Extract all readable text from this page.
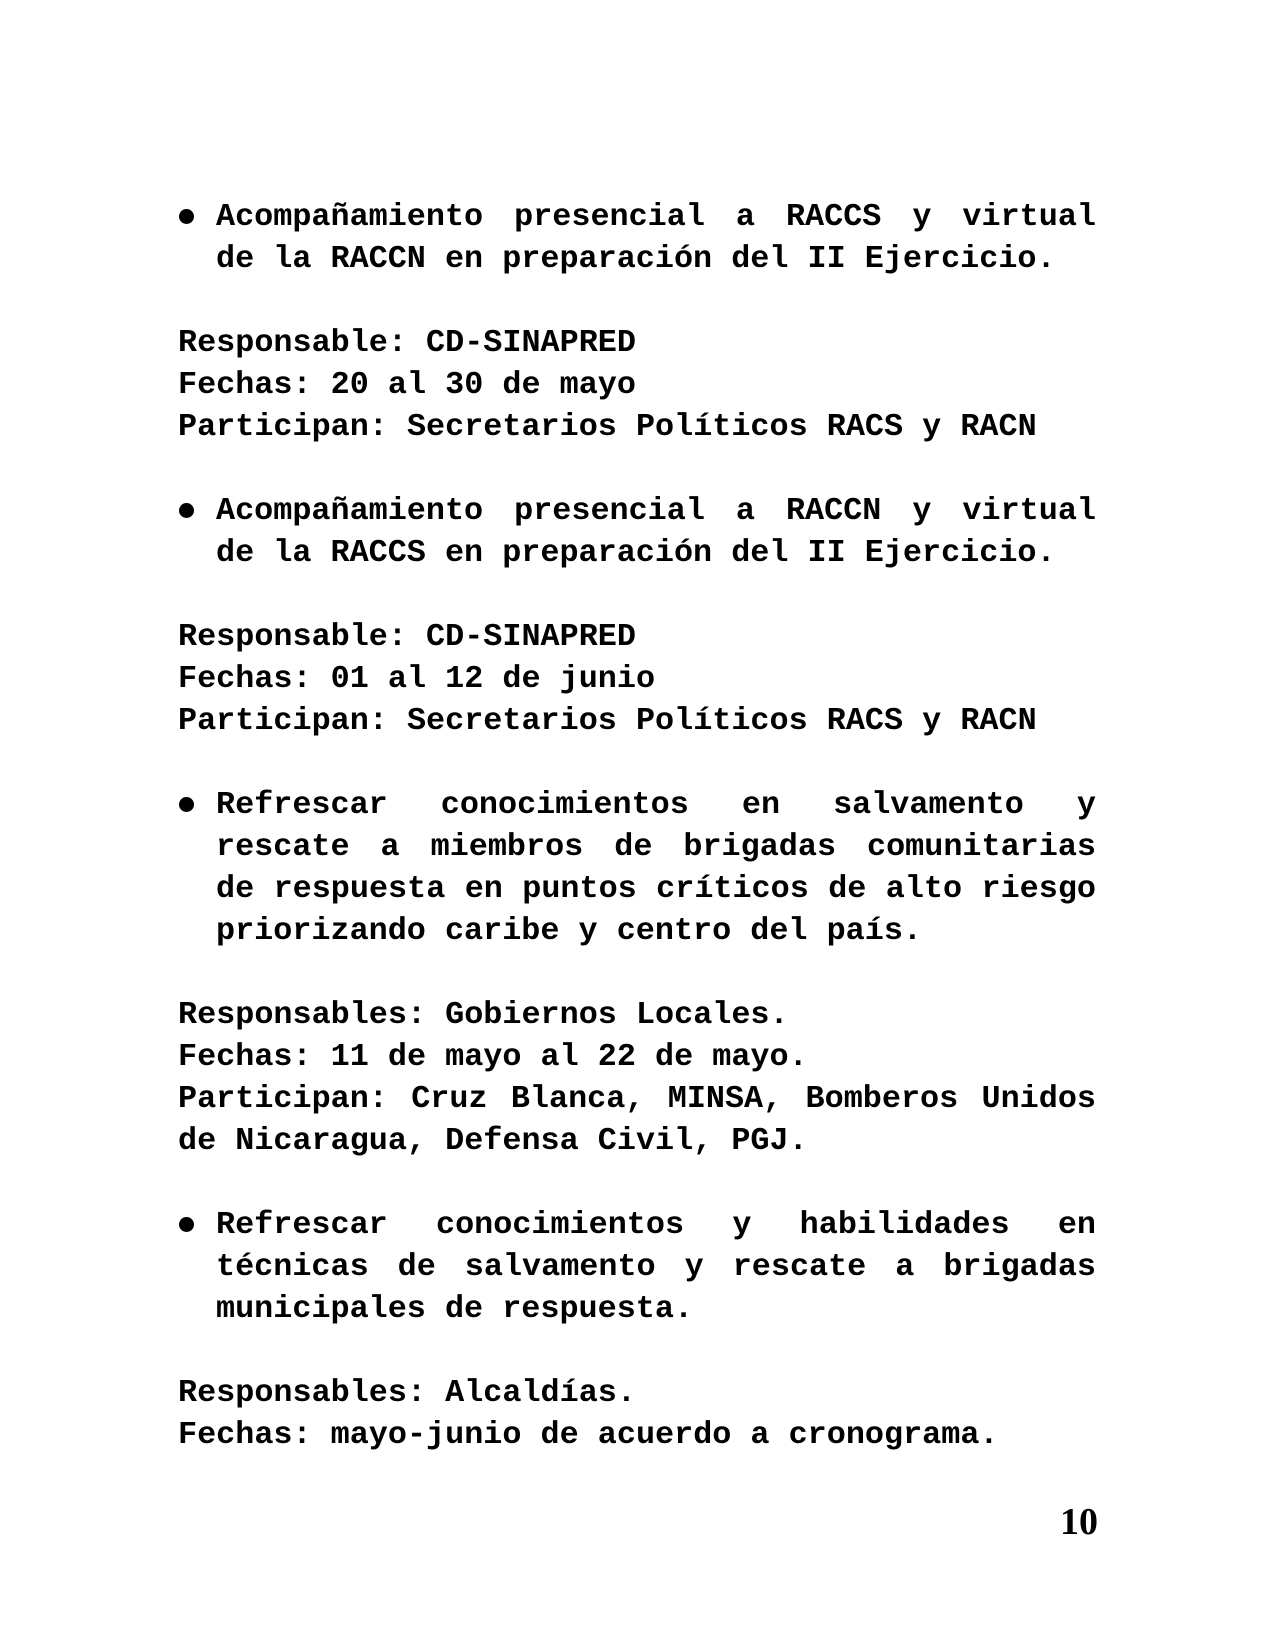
Acompañamiento presencial a RACCS y virtual
de la RACCN en preparación del II Ejercicio.
Responsable: CD-SINAPRED
Fechas: 20 al 30 de mayo
Participan: Secretarios Políticos RACS y RACN
Acompañamiento presencial a RACCN y virtual
de la RACCS en preparación del II Ejercicio.
Responsable: CD-SINAPRED
Fechas: 01 al 12 de junio
Participan: Secretarios Políticos RACS y RACN
Refrescar conocimientos en salvamento y
rescate a miembros de brigadas comunitarias
de respuesta en puntos críticos de alto riesgo
priorizando caribe y centro del país.
Responsables: Gobiernos Locales.
Fechas: 11 de mayo al 22 de mayo.
Participan: Cruz Blanca, MINSA, Bomberos Unidos
de Nicaragua, Defensa Civil, PGJ.
Refrescar conocimientos y habilidades en
técnicas de salvamento y rescate a brigadas
municipales de respuesta.
Responsables: Alcaldías.
Fechas: mayo-junio de acuerdo a cronograma.
10
